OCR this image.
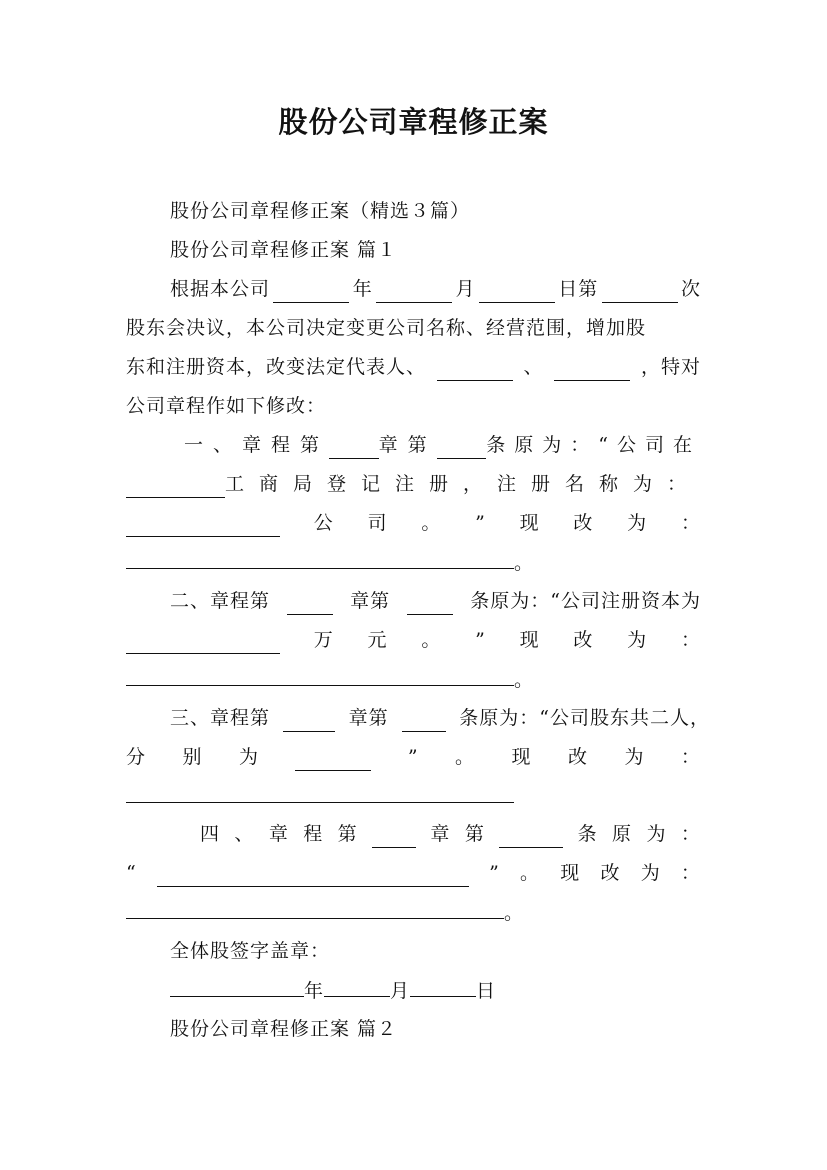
股份公司章程修正案
股份公司章程修正案（精选３篇）
股份公司章程修正案 篇１
根据本公司	年	月	日第	次
股东会决议，本公司决定变更公司名称、经营范围，增加股
东和注册资本，改变法定代表人、	、	，特对
公司章程作如下修改：
一、章程第	章第	条原为：“公司在
工商局登记注册，注册名称为：
公 司 。 ” 现 改 为 ：
。
二、章程第	章第	条原为：“公司注册资本为
万 元 。 ” 现 改 为 ：
。
三、章程第	章第	条原为：“公司股东共二人，
分 别 为	” 。 现 改 为 ：
四 、 章 程 第	章 第	条 原 为 ：
“	” 。 现 改 为 ：
。
全体股签字盖章：
年	月	日
股份公司章程修正案 篇２
